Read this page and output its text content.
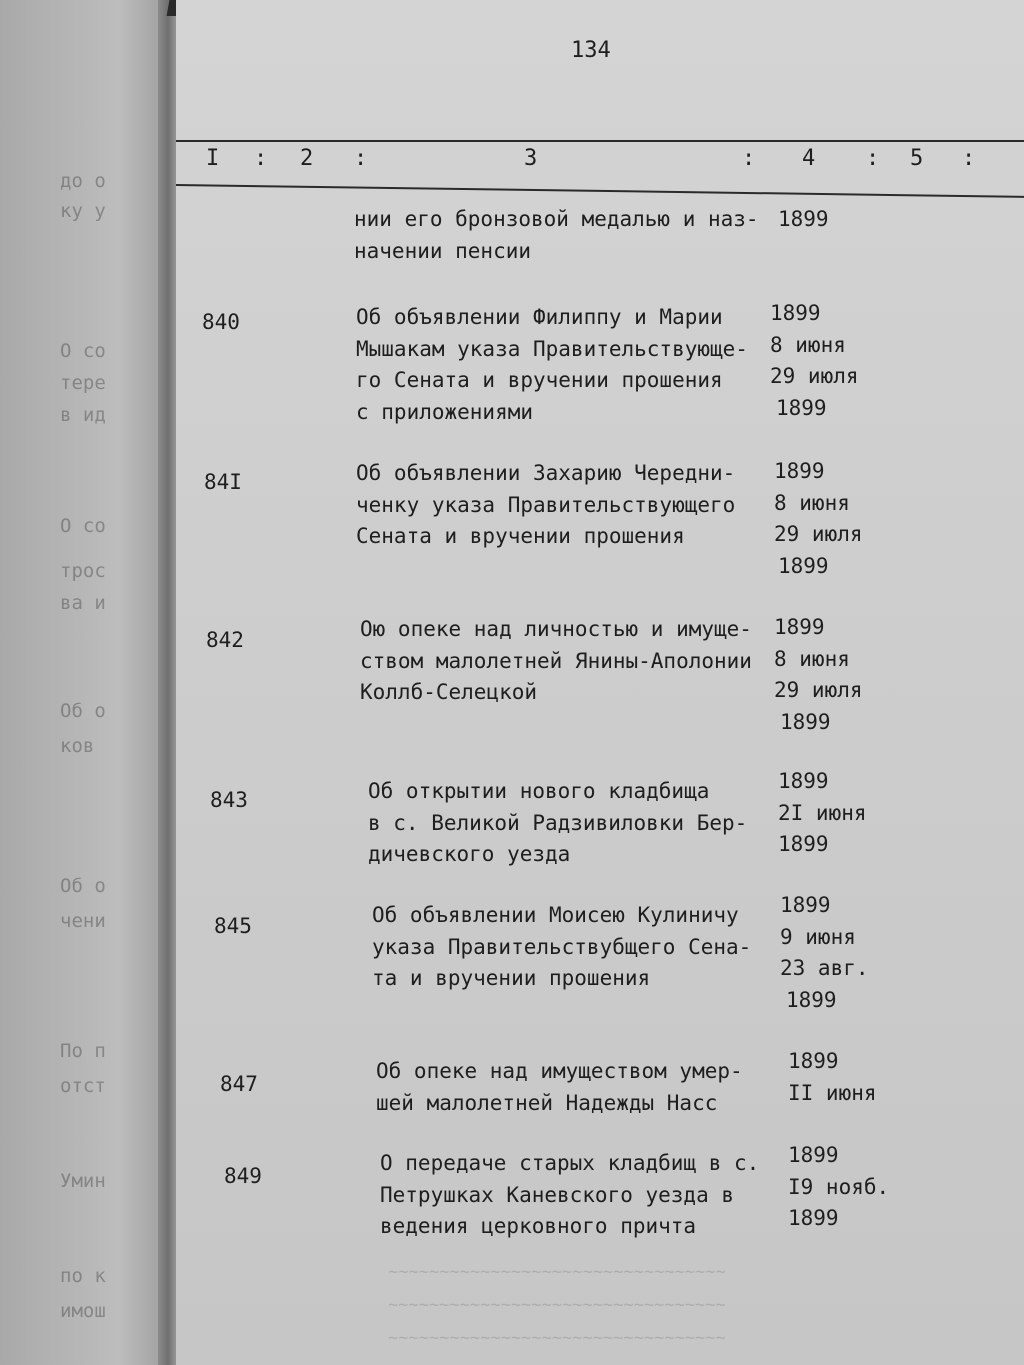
до о
ку у
О со
тере
в ид
О со
трос
ва и
Об о
ков
Об о
чени
По п
отст
Умин
по к
имош
~~~~~~~~~~~~~~~~~~~~~~~~~~~~~~~~~
~~~~~~~~~~~~~~~~~~~~~~~~~~~~~~~~~
~~~~~~~~~~~~~~~~~~~~~~~~~~~~~~~~~
134
I : 2 :	3	: 4 : 5 :
нии его бронзовой медалью и наз-
начении пенсии
1899
840	Об объявлении Филиппу и Марии
Мышакам указа Правительствующе-
го Сената и вручении прошения
с приложениями
1899
8 июня
29 июля
1899
84I	Об объявлении Захарию Чередни-
ченку указа Правительствующего
Сената и вручении прошения
1899
8 июня
29 июля
1899
842	Ою опеке над личностью и имуще-
ством малолетней Янины-Аполонии
Коллб-Селецкой
1899
8 июня
29 июля
1899
843	Об открытии нового кладбища
в с. Великой Радзивиловки Бер-
дичевского уезда
1899
2I июня
1899
845	Об объявлении Моисею Кулиничу
указа Правительствубщего Сена-
та и вручении прошения
1899
9 июня
23 авг.
1899
847
Об опеке над имуществом умер-
шей малолетней Надежды Насс
1899
II июня
849
О передаче старых кладбищ в с.
Петрушках Каневского уезда в
ведения церковного причта
1899
I9 нояб.
1899
